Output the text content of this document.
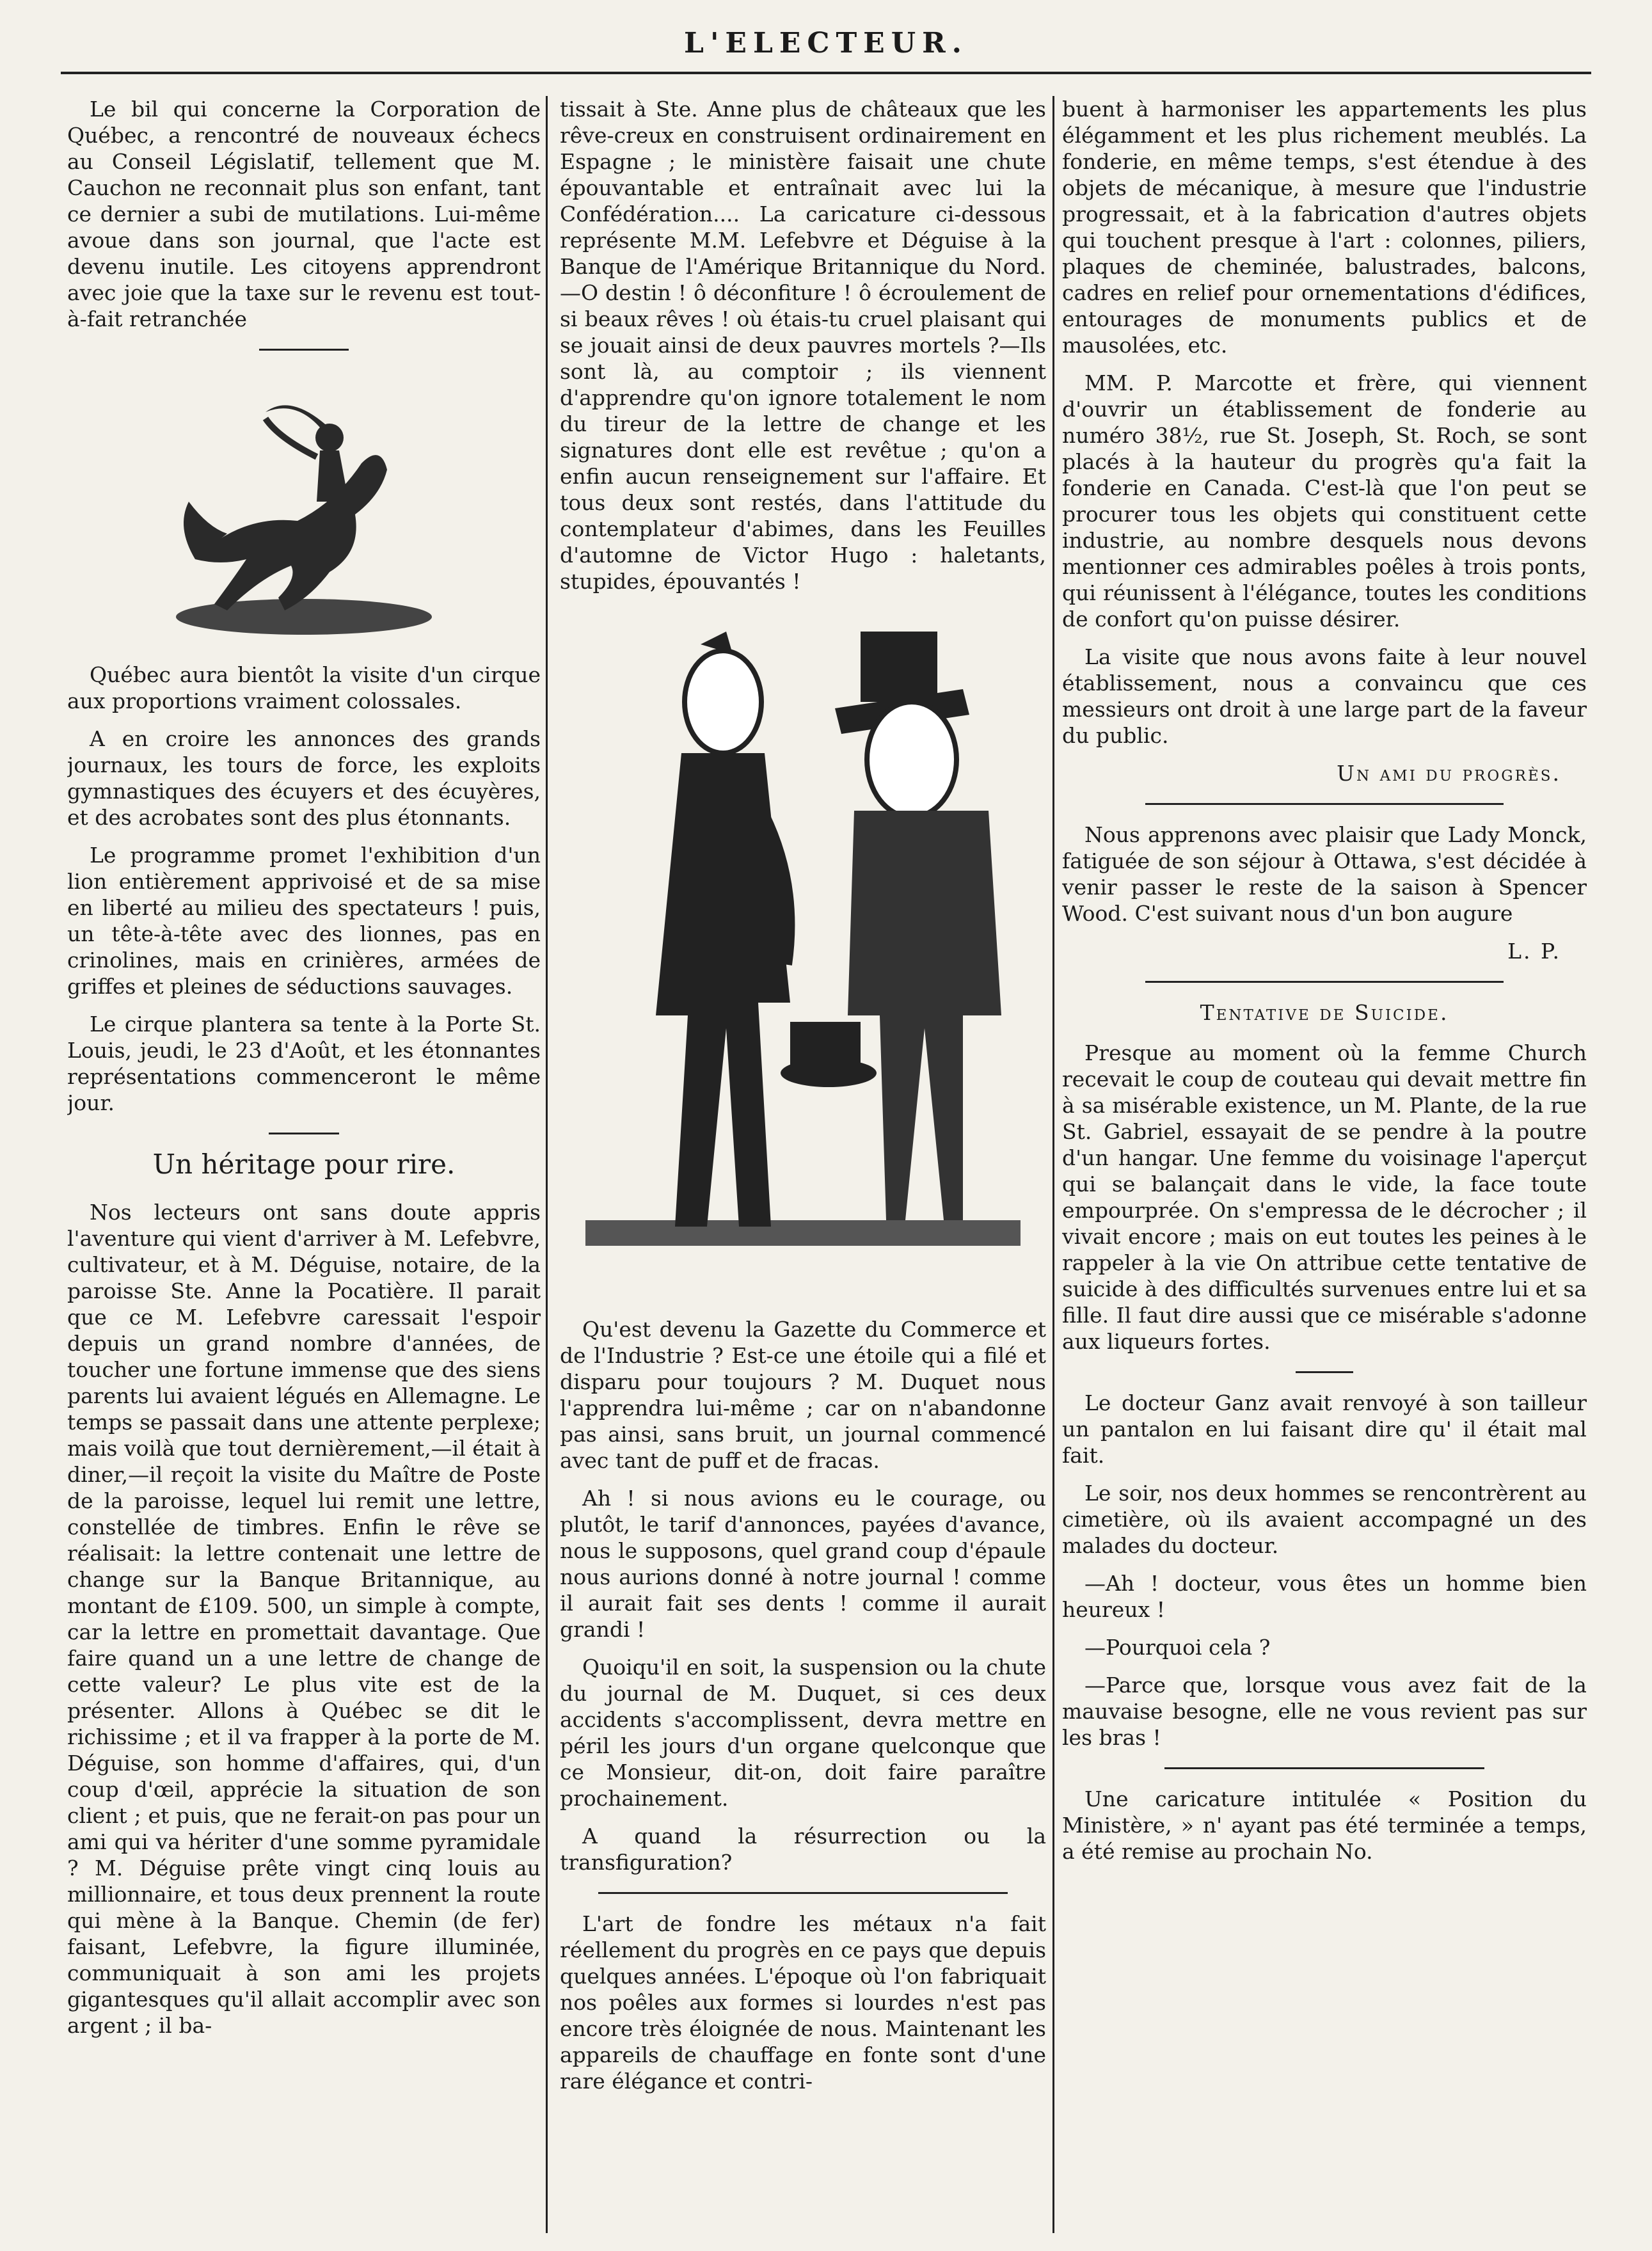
L'ELECTEUR.

Le bil qui concerne la Corporation de Québec, a rencontré de nouveaux échecs au Conseil Législatif, tellement que M. Cauchon ne reconnait plus son enfant, tant ce dernier a subi de mutilations. Lui-même avoue dans son journal, que l'acte est devenu inutile. Les citoyens apprendront avec joie que la taxe sur le revenu est tout-à-fait retranchée

Québec aura bientôt la visite d'un cirque aux proportions vraiment colossales.

A en croire les annonces des grands journaux, les tours de force, les exploits gymnastiques des écuyers et des écuyères, et des acrobates sont des plus étonnants.

Le programme promet l'exhibition d'un lion entièrement apprivoisé et de sa mise en liberté au milieu des spectateurs ! puis, un tête-à-tête avec des lionnes, pas en crinolines, mais en crinières, armées de griffes et pleines de séductions sauvages.

Le cirque plantera sa tente à la Porte St. Louis, jeudi, le 23 d'Août, et les étonnantes représentations commenceront le même jour.

Un héritage pour rire.

Nos lecteurs ont sans doute appris l'aventure qui vient d'arriver à M. Lefebvre, cultivateur, et à M. Déguise, notaire, de la paroisse Ste. Anne la Pocatière. Il parait que ce M. Lefebvre caressait l'espoir depuis un grand nombre d'années, de toucher une fortune immense que des siens parents lui avaient légués en Allemagne. Le temps se passait dans une attente perplexe; mais voilà que tout dernièrement,—il était à diner,—il reçoit la visite du Maître de Poste de la paroisse, lequel lui remit une lettre, constellée de timbres. Enfin le rêve se réalisait: la lettre contenait une lettre de change sur la Banque Britannique, au montant de £109. 500, un simple à compte, car la lettre en promettait davantage. Que faire quand un a une lettre de change de cette valeur? Le plus vite est de la présenter. Allons à Québec se dit le richissime ; et il va frapper à la porte de M. Déguise, son homme d'affaires, qui, d'un coup d'œil, apprécie la situation de son client ; et puis, que ne ferait-on pas pour un ami qui va hériter d'une somme pyramidale ? M. Déguise prête vingt cinq louis au millionnaire, et tous deux prennent la route qui mène à la Banque. Chemin (de fer) faisant, Lefebvre, la figure illuminée, communiquait à son ami les projets gigantesques qu'il allait accomplir avec son argent ; il ba-

tissait à Ste. Anne plus de châteaux que les rêve-creux en construisent ordinairement en Espagne ; le ministère faisait une chute épouvantable et entraînait avec lui la Confédération.... La caricature ci-dessous représente M.M. Lefebvre et Déguise à la Banque de l'Amérique Britannique du Nord.—O destin ! ô déconfiture ! ô écroulement de si beaux rêves ! où étais-tu cruel plaisant qui se jouait ainsi de deux pauvres mortels ?—Ils sont là, au comptoir ; ils viennent d'apprendre qu'on ignore totalement le nom du tireur de la lettre de change et les signatures dont elle est revêtue ; qu'on a enfin aucun renseignement sur l'affaire. Et tous deux sont restés, dans l'attitude du contemplateur d'abimes, dans les Feuilles d'automne de Victor Hugo : haletants, stupides, épouvantés !

Qu'est devenu la Gazette du Commerce et de l'Industrie ? Est-ce une étoile qui a filé et disparu pour toujours ? M. Duquet nous l'apprendra lui-même ; car on n'abandonne pas ainsi, sans bruit, un journal commencé avec tant de puff et de fracas.

Ah ! si nous avions eu le courage, ou plutôt, le tarif d'annonces, payées d'avance, nous le supposons, quel grand coup d'épaule nous aurions donné à notre journal ! comme il aurait fait ses dents ! comme il aurait grandi !

Quoiqu'il en soit, la suspension ou la chute du journal de M. Duquet, si ces deux accidents s'accomplissent, devra mettre en péril les jours d'un organe quelconque que ce Monsieur, dit-on, doit faire paraître prochainement.

A quand la résurrection ou la transfiguration?

L'art de fondre les métaux n'a fait réellement du progrès en ce pays que depuis quelques années. L'époque où l'on fabriquait nos poêles aux formes si lourdes n'est pas encore très éloignée de nous. Maintenant les appareils de chauffage en fonte sont d'une rare élégance et contri-

buent à harmoniser les appartements les plus élégamment et les plus richement meublés. La fonderie, en même temps, s'est étendue à des objets de mécanique, à mesure que l'industrie progressait, et à la fabrication d'autres objets qui touchent presque à l'art : colonnes, piliers, plaques de cheminée, balustrades, balcons, cadres en relief pour ornementations d'édifices, entourages de monuments publics et de mausolées, etc.

MM. P. Marcotte et frère, qui viennent d'ouvrir un établissement de fonderie au numéro 38½, rue St. Joseph, St. Roch, se sont placés à la hauteur du progrès qu'a fait la fonderie en Canada. C'est-là que l'on peut se procurer tous les objets qui constituent cette industrie, au nombre desquels nous devons mentionner ces admirables poêles à trois ponts, qui réunissent à l'élégance, toutes les conditions de confort qu'on puisse désirer.

La visite que nous avons faite à leur nouvel établissement, nous a convaincu que ces messieurs ont droit à une large part de la faveur du public.

Un ami du progrès.

Nous apprenons avec plaisir que Lady Monck, fatiguée de son séjour à Ottawa, s'est décidée à venir passer le reste de la saison à Spencer Wood. C'est suivant nous d'un bon augure

L. P.
Tentative de Suicide.

Presque au moment où la femme Church recevait le coup de couteau qui devait mettre fin à sa misérable existence, un M. Plante, de la rue St. Gabriel, essayait de se pendre à la poutre d'un hangar. Une femme du voisinage l'aperçut qui se balançait dans le vide, la face toute empourprée. On s'empressa de le décrocher ; il vivait encore ; mais on eut toutes les peines à le rappeler à la vie On attribue cette tentative de suicide à des difficultés survenues entre lui et sa fille. Il faut dire aussi que ce misérable s'adonne aux liqueurs fortes.

Le docteur Ganz avait renvoyé à son tailleur un pantalon en lui faisant dire qu' il était mal fait.

Le soir, nos deux hommes se rencontrèrent au cimetière, où ils avaient accompagné un des malades du docteur.

—Ah ! docteur, vous êtes un homme bien heureux !

—Pourquoi cela ?

—Parce que, lorsque vous avez fait de la mauvaise besogne, elle ne vous revient pas sur les bras !

Une caricature intitulée « Position du Ministère, » n' ayant pas été terminée a temps, a été remise au prochain No.
